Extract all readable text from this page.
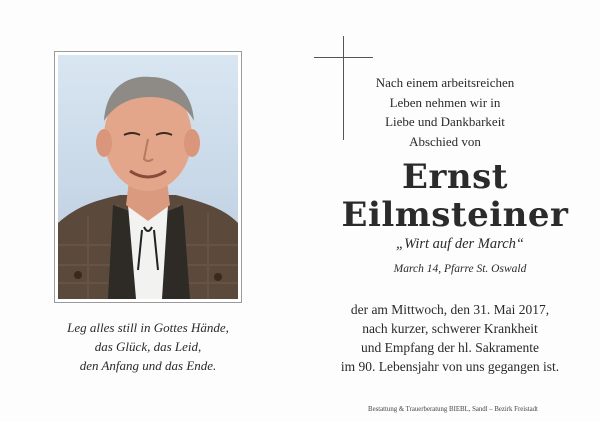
Leg alles still in Gottes Hände,
das Glück, das Leid,
den Anfang und das Ende.
Nach einem arbeitsreichen
Leben nehmen wir in
Liebe und Dankbarkeit
Abschied von
Ernst
Eilmsteiner
„Wirt auf der March“
March 14, Pfarre St. Oswald
der am Mittwoch, den 31. Mai 2017,
nach kurzer, schwerer Krankheit
und Empfang der hl. Sakramente
im 90. Lebensjahr von uns gegangen ist.
Bestattung & Trauerberatung BIEBL, Sandl – Bezirk Freistadt
